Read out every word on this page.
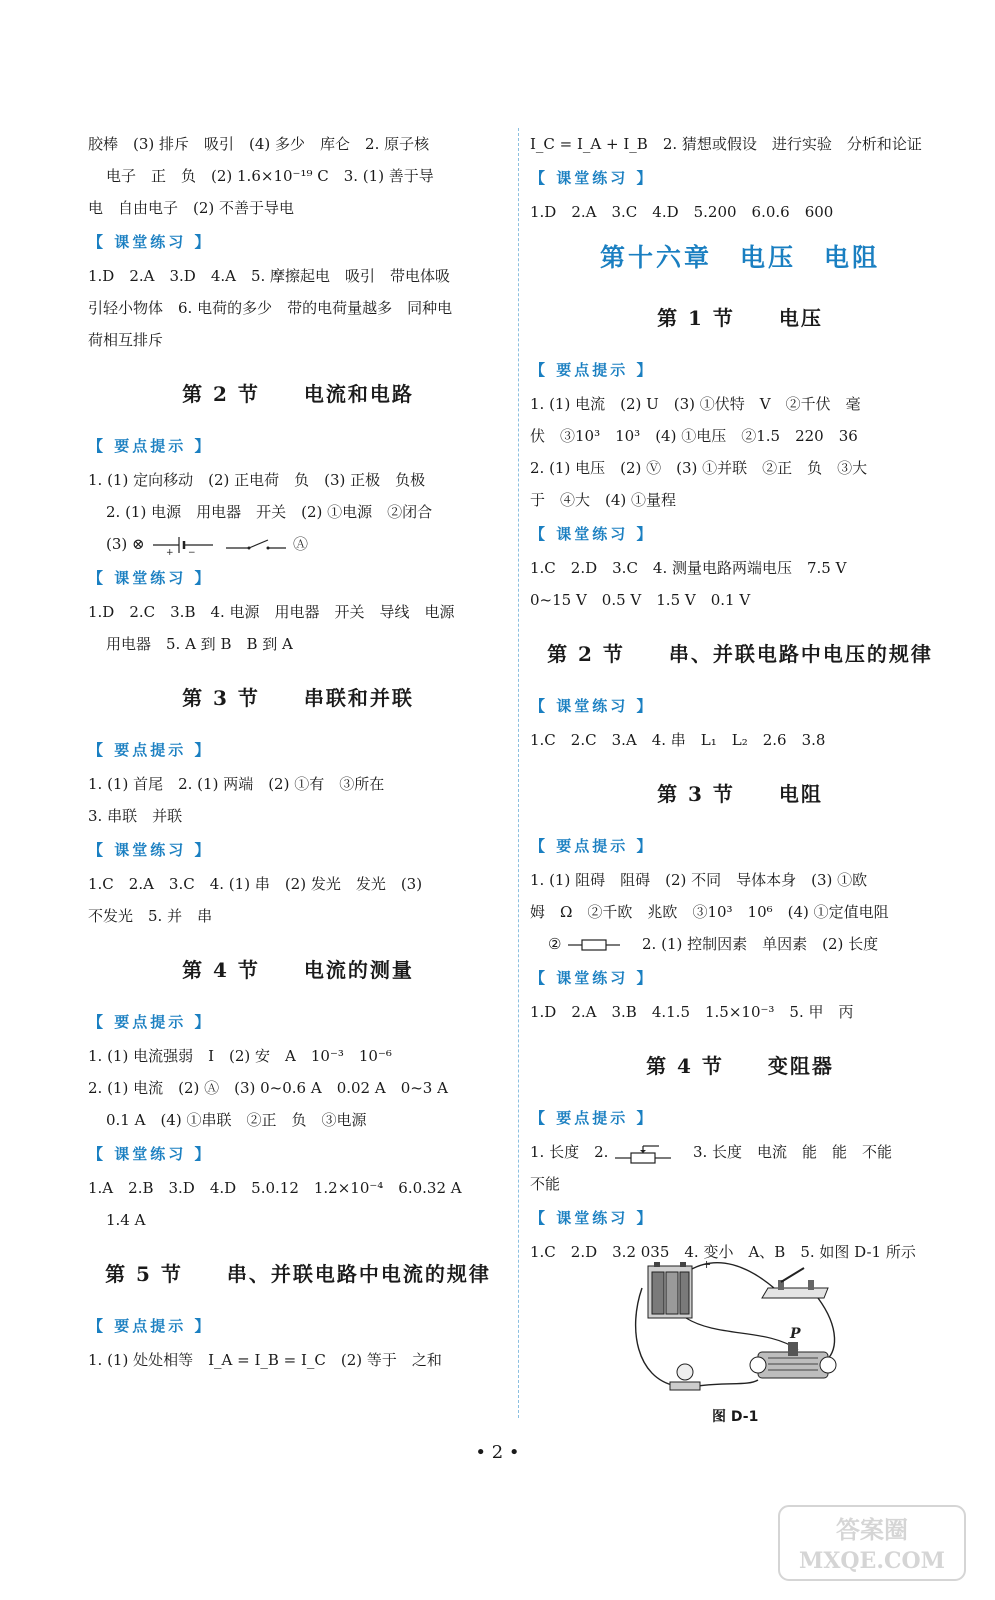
胶棒　(3) 排斥　吸引　(4) 多少　库仑　2. 原子核

电子　正　负　(2) 1.6×10⁻¹⁹ C　3. (1) 善于导

电　自由电子　(2) 不善于导电

【 课堂练习 】

1.D　2.A　3.D　4.A　5. 摩擦起电　吸引　带电体吸

引轻小物体　6. 电荷的多少　带的电荷量越多　同种电

荷相互排斥

第 2 节　　电流和电路
【 要点提示 】

1. (1) 定向移动　(2) 正电荷　负　(3) 正极　负极

2. (1) 电源　用电器　开关　(2) ①电源　②闭合

(3) ⊗ + −	Ⓐ

【 课堂练习 】

1.D　2.C　3.B　4. 电源　用电器　开关　导线　电源

用电器　5. A 到 B　B 到 A

第 3 节　　串联和并联
【 要点提示 】

1. (1) 首尾　2. (1) 两端　(2) ①有　③所在

3. 串联　并联

【 课堂练习 】

1.C　2.A　3.C　4. (1) 串　(2) 发光　发光　(3)

不发光　5. 并　串

第 4 节　　电流的测量
【 要点提示 】

1. (1) 电流强弱　I　(2) 安　A　10⁻³　10⁻⁶

2. (1) 电流　(2) Ⓐ　(3) 0~0.6 A　0.02 A　0~3 A

0.1 A　(4) ①串联　②正　负　③电源

【 课堂练习 】

1.A　2.B　3.D　4.D　5.0.12　1.2×10⁻⁴　6.0.32 A

1.4 A

第 5 节　　串、并联电路中电流的规律
【 要点提示 】

1. (1) 处处相等　I_A = I_B = I_C　(2) 等于　之和

I_C = I_A + I_B　2. 猜想或假设　进行实验　分析和论证

【 课堂练习 】

1.D　2.A　3.C　4.D　5.200　6.0.6　600

第十六章　电压　电阻
第 1 节　　电压
【 要点提示 】

1. (1) 电流　(2) U　(3) ①伏特　V　②千伏　毫

伏　③10³　10³　(4) ①电压　②1.5　220　36

2. (1) 电压　(2) Ⓥ　(3) ①并联　②正　负　③大

于　④大　(4) ①量程

【 课堂练习 】

1.C　2.D　3.C　4. 测量电路两端电压　7.5 V

0~15 V　0.5 V　1.5 V　0.1 V

第 2 节　　串、并联电路中电压的规律
【 课堂练习 】

1.C　2.C　3.A　4. 串　L₁　L₂　2.6　3.8

第 3 节　　电阻
【 要点提示 】

1. (1) 阻碍　阻碍　(2) 不同　导体本身　(3) ①欧

姆　Ω　②千欧　兆欧　③10³　10⁶　(4) ①定值电阻

②	　2. (1) 控制因素　单因素　(2) 长度

【 课堂练习 】

1.D　2.A　3.B　4.1.5　1.5×10⁻³　5. 甲　丙

第 4 节　　变阻器
【 要点提示 】

1. 长度　2.	　3. 长度　电流　能　能　不能

不能

【 课堂练习 】

1.C　2.D　3.2 035　4. 变小　A、B　5. 如图 D-1 所示

+
P
图 D-1
• 2 •
答案圈
MXQE.COM
